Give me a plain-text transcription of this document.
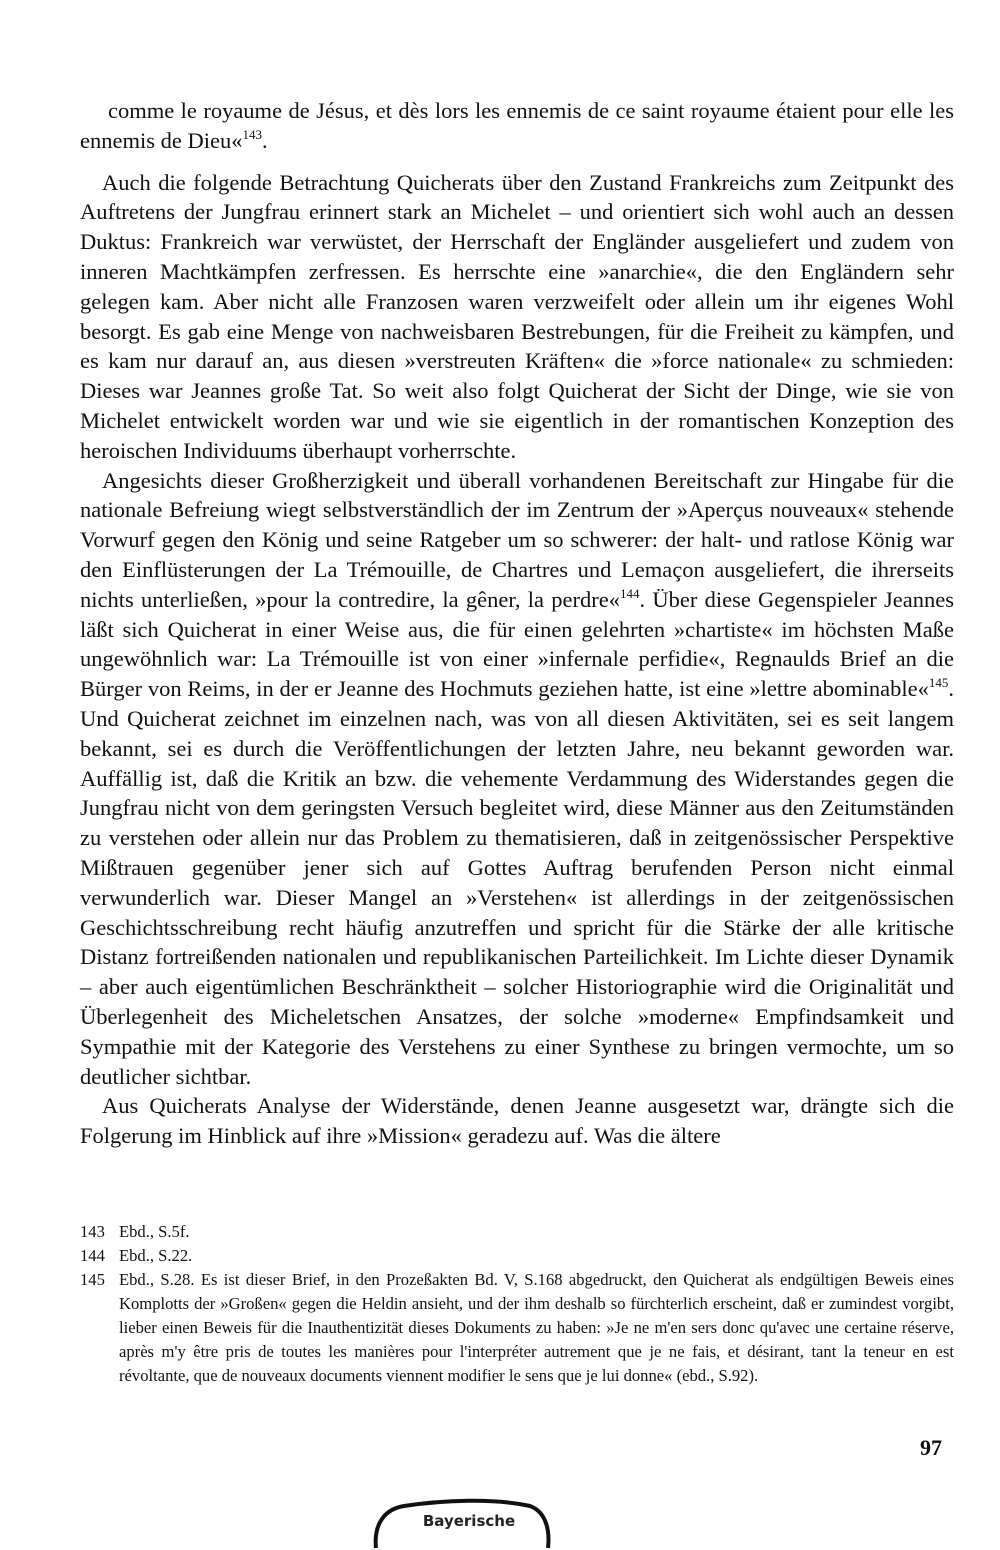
comme le royaume de Jésus, et dès lors les ennemis de ce saint royaume étaient pour elle les ennemis de Dieu«$^{143}$.

Auch die folgende Betrachtung Quicherats über den Zustand Frankreichs zum Zeitpunkt des Auftretens der Jungfrau erinnert stark an Michelet – und orientiert sich wohl auch an dessen Duktus: Frankreich war verwüstet, der Herrschaft der Engländer ausgeliefert und zudem von inneren Machtkämpfen zerfressen. Es herrschte eine »anarchie«, die den Engländern sehr gelegen kam. Aber nicht alle Franzosen waren verzweifelt oder allein um ihr eigenes Wohl besorgt. Es gab eine Menge von nachweisbaren Bestrebungen, für die Freiheit zu kämpfen, und es kam nur darauf an, aus diesen »verstreuten Kräften« die »force nationale« zu schmieden: Dieses war Jeannes große Tat. So weit also folgt Quicherat der Sicht der Dinge, wie sie von Michelet entwickelt worden war und wie sie eigentlich in der romantischen Konzeption des heroischen Individuums überhaupt vorherrschte.

Angesichts dieser Großherzigkeit und überall vorhandenen Bereitschaft zur Hingabe für die nationale Befreiung wiegt selbstverständlich der im Zentrum der »Aperçus nouveaux« stehende Vorwurf gegen den König und seine Ratgeber um so schwerer: der halt- und ratlose König war den Einflüsterungen der La Trémouille, de Chartres und Lemaçon ausgeliefert, die ihrerseits nichts unterließen, »pour la contredire, la gêner, la perdre«$^{144}$. Über diese Gegenspieler Jeannes läßt sich Quicherat in einer Weise aus, die für einen gelehrten »chartiste« im höchsten Maße ungewöhnlich war: La Trémouille ist von einer »infernale perfidie«, Regnaulds Brief an die Bürger von Reims, in der er Jeanne des Hochmuts geziehen hatte, ist eine »lettre abominable«$^{145}$. Und Quicherat zeichnet im einzelnen nach, was von all diesen Aktivitäten, sei es seit langem bekannt, sei es durch die Veröffentlichungen der letzten Jahre, neu bekannt geworden war. Auffällig ist, daß die Kritik an bzw. die vehemente Verdammung des Widerstandes gegen die Jungfrau nicht von dem geringsten Versuch begleitet wird, diese Männer aus den Zeitumständen zu verstehen oder allein nur das Problem zu thematisieren, daß in zeitgenössischer Perspektive Mißtrauen gegenüber jener sich auf Gottes Auftrag berufenden Person nicht einmal verwunderlich war. Dieser Mangel an »Verstehen« ist allerdings in der zeitgenössischen Geschichtsschreibung recht häufig anzutreffen und spricht für die Stärke der alle kritische Distanz fortreißenden nationalen und republikanischen Parteilichkeit. Im Lichte dieser Dynamik – aber auch eigentümlichen Beschränktheit – solcher Historiographie wird die Originalität und Überlegenheit des Micheletschen Ansatzes, der solche »moderne« Empfindsamkeit und Sympathie mit der Kategorie des Verstehens zu einer Synthese zu bringen vermochte, um so deutlicher sichtbar.

Aus Quicherats Analyse der Widerstände, denen Jeanne ausgesetzt war, drängte sich die Folgerung im Hinblick auf ihre »Mission« geradezu auf. Was die ältere

143 Ebd., S.5f.
144 Ebd., S.22.
145 Ebd., S.28. Es ist dieser Brief, in den Prozeßakten Bd. V, S.168 abgedruckt, den Quicherat als endgültigen Beweis eines Komplotts der »Großen« gegen die Heldin ansieht, und der ihm deshalb so fürchterlich erscheint, daß er zumindest vorgibt, lieber einen Beweis für die Inauthentizität dieses Dokuments zu haben: »Je ne m'en sers donc qu'avec une certaine réserve, après m'y être pris de toutes les manières pour l'interpréter autrement que je ne fais, et désirant, tant la teneur en est révoltante, que de nouveaux documents viennent modifier le sens que je lui donne« (ebd., S.92).
97
Bayerische
